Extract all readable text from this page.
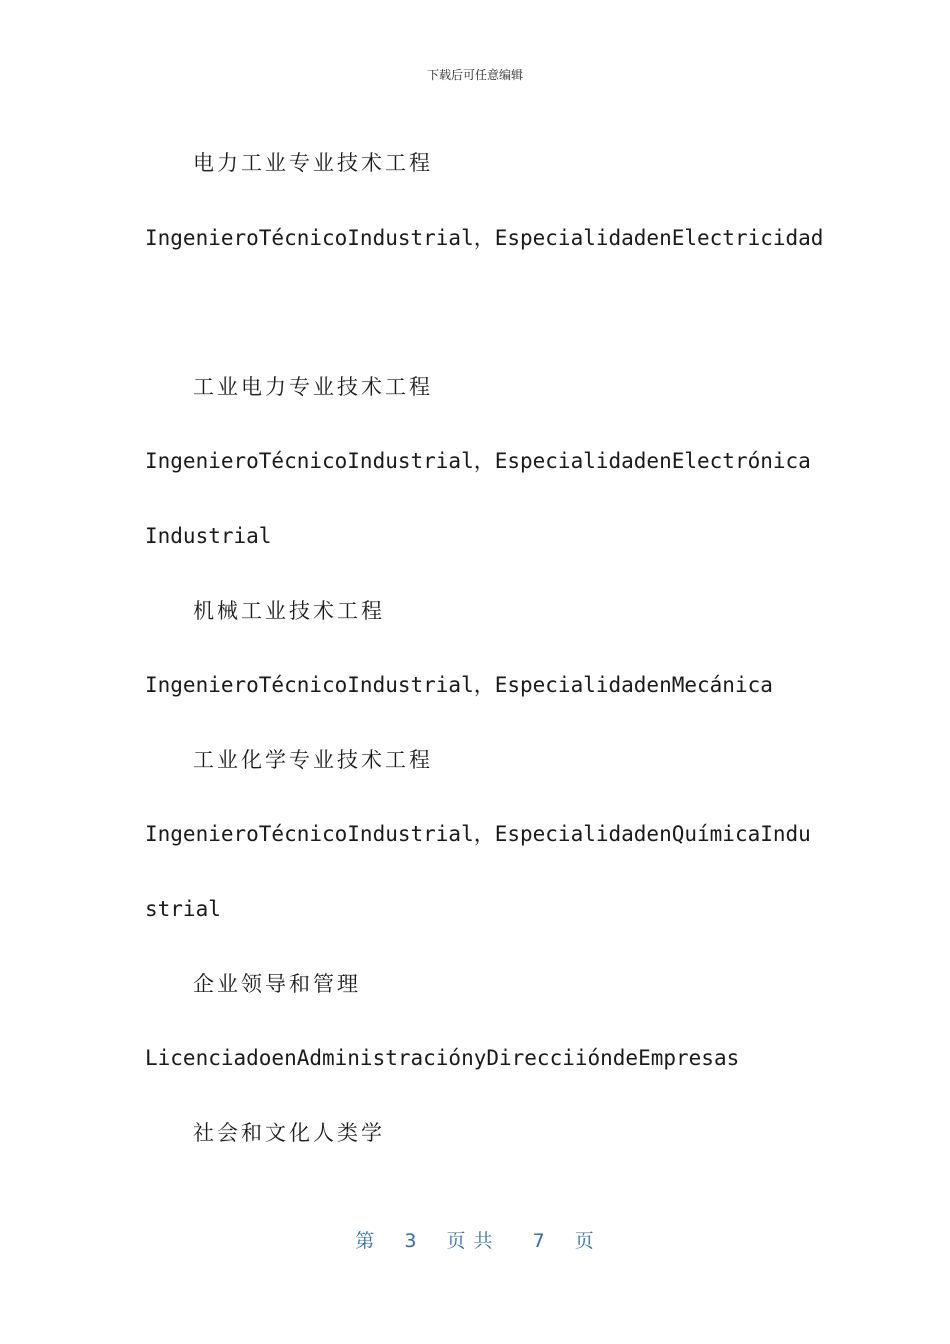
下载后可任意编辑
电力工业专业技术工程
IngenieroTécnicoIndustrial，EspecialidadenElectricidad
工业电力专业技术工程
IngenieroTécnicoIndustrial，EspecialidadenElectrónica
Industrial
机械工业技术工程
IngenieroTécnicoIndustrial，EspecialidadenMecánica
工业化学专业技术工程
IngenieroTécnicoIndustrial，EspecialidadenQuímicaIndu
strial
企业领导和管理
LicenciadoenAdministraciónyDirecciióndeEmpresas
社会和文化人类学
第 3 页 共 7 页
